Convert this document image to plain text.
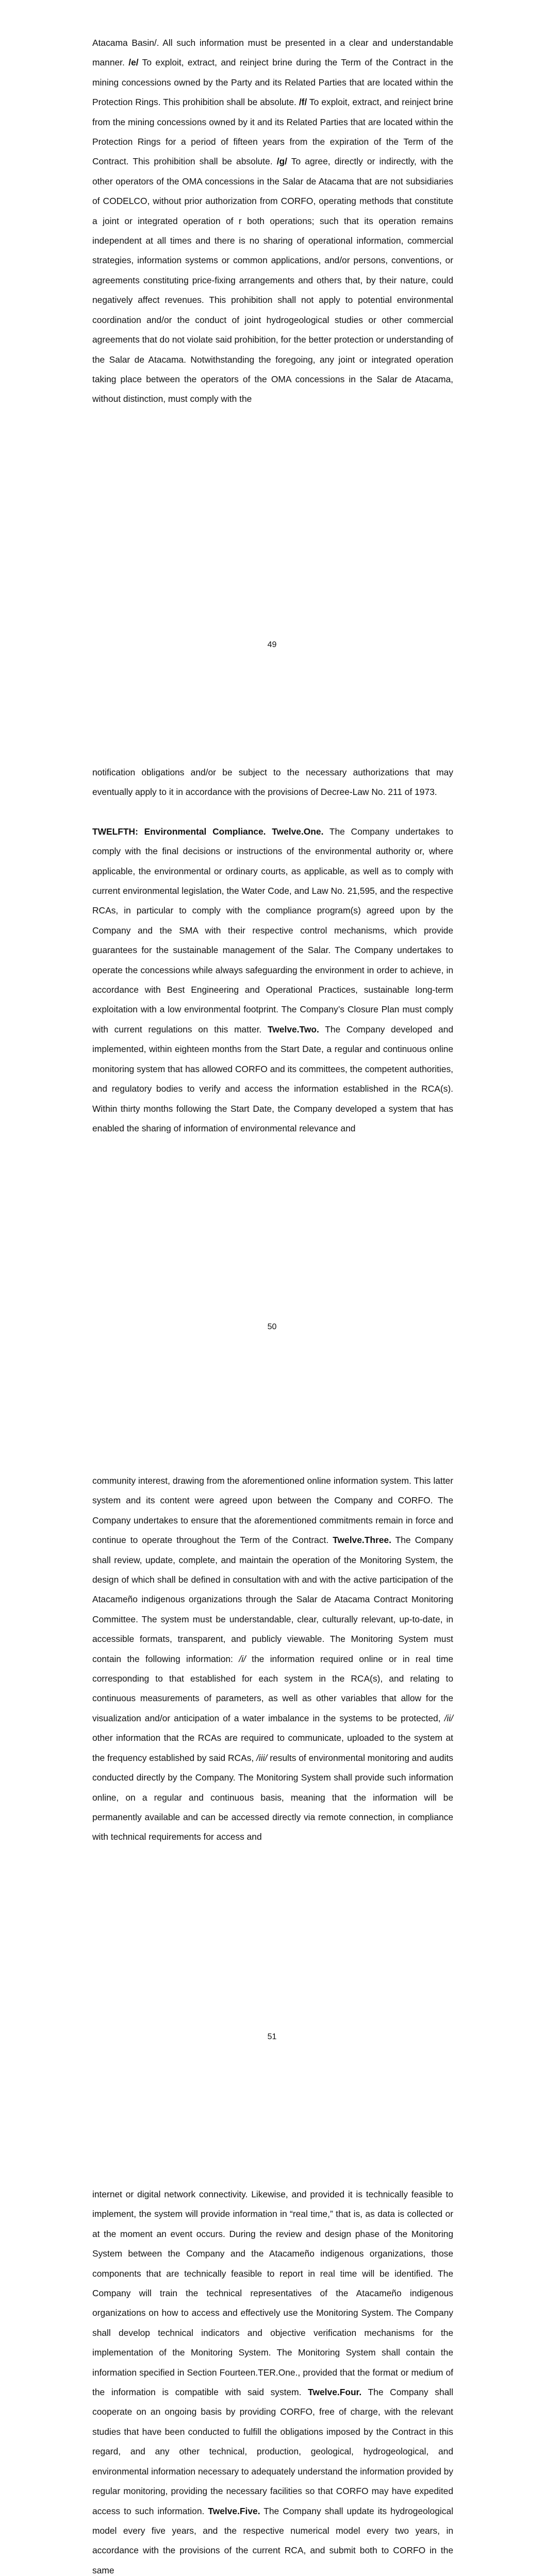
Atacama Basin/. All such information must be presented in a clear and understandable manner. /e/ To exploit, extract, and reinject brine during the Term of the Contract in the mining concessions owned by the Party and its Related Parties that are located within the Protection Rings. This prohibition shall be absolute. /f/ To exploit, extract, and reinject brine from the mining concessions owned by it and its Related Parties that are located within the Protection Rings for a period of fifteen years from the expiration of the Term of the Contract. This prohibition shall be absolute. /g/ To agree, directly or indirectly, with the other operators of the OMA concessions in the Salar de Atacama that are not subsidiaries of CODELCO, without prior authorization from CORFO, operating methods that constitute a joint or integrated operation of r both operations; such that its operation remains independent at all times and there is no sharing of operational information, commercial strategies, information systems or common applications, and/or persons, conventions, or agreements constituting price-fixing arrangements and others that, by their nature, could negatively affect revenues. This prohibition shall not apply to potential environmental coordination and/or the conduct of joint hydrogeological studies or other commercial agreements that do not violate said prohibition, for the better protection or understanding of the Salar de Atacama. Notwithstanding the foregoing, any joint or integrated operation taking place between the operators of the OMA concessions in the Salar de Atacama, without distinction, must comply with the

49

notification obligations and/or be subject to the necessary authorizations that may eventually apply to it in accordance with the provisions of Decree-Law No. 211 of 1973.

TWELFTH: Environmental Compliance. Twelve.One. The Company undertakes to comply with the final decisions or instructions of the environmental authority or, where applicable, the environmental or ordinary courts, as applicable, as well as to comply with current environmental legislation, the Water Code, and Law No. 21,595, and the respective RCAs, in particular to comply with the compliance program(s) agreed upon by the Company and the SMA with their respective control mechanisms, which provide guarantees for the sustainable management of the Salar. The Company undertakes to operate the concessions while always safeguarding the environment in order to achieve, in accordance with Best Engineering and Operational Practices, sustainable long-term exploitation with a low environmental footprint. The Company’s Closure Plan must comply with current regulations on this matter. Twelve.Two. The Company developed and implemented, within eighteen months from the Start Date, a regular and continuous online monitoring system that has allowed CORFO and its committees, the competent authorities, and regulatory bodies to verify and access the information established in the RCA(s). Within thirty months following the Start Date, the Company developed a system that has enabled the sharing of information of environmental relevance and

50

community interest, drawing from the aforementioned online information system. This latter system and its content were agreed upon between the Company and CORFO. The Company undertakes to ensure that the aforementioned commitments remain in force and continue to operate throughout the Term of the Contract. Twelve.Three. The Company shall review, update, complete, and maintain the operation of the Monitoring System, the design of which shall be defined in consultation with and with the active participation of the Atacameño indigenous organizations through the Salar de Atacama Contract Monitoring Committee. The system must be understandable, clear, culturally relevant, up-to-date, in accessible formats, transparent, and publicly viewable. The Monitoring System must contain the following information: /i/ the information required online or in real time corresponding to that established for each system in the RCA(s), and relating to continuous measurements of parameters, as well as other variables that allow for the visualization and/or anticipation of a water imbalance in the systems to be protected, /ii/ other information that the RCAs are required to communicate, uploaded to the system at the frequency established by said RCAs, /iii/ results of environmental monitoring and audits conducted directly by the Company. The Monitoring System shall provide such information online, on a regular and continuous basis, meaning that the information will be permanently available and can be accessed directly via remote connection, in compliance with technical requirements for access and

51

internet or digital network connectivity. Likewise, and provided it is technically feasible to implement, the system will provide information in “real time,” that is, as data is collected or at the moment an event occurs. During the review and design phase of the Monitoring System between the Company and the Atacameño indigenous organizations, those components that are technically feasible to report in real time will be identified. The Company will train the technical representatives of the Atacameño indigenous organizations on how to access and effectively use the Monitoring System. The Company shall develop technical indicators and objective verification mechanisms for the implementation of the Monitoring System. The Monitoring System shall contain the information specified in Section Fourteen.TER.One., provided that the format or medium of the information is compatible with said system. Twelve.Four. The Company shall cooperate on an ongoing basis by providing CORFO, free of charge, with the relevant studies that have been conducted to fulfill the obligations imposed by the Contract in this regard, and any other technical, production, geological, hydrogeological, and environmental information necessary to adequately understand the information provided by regular monitoring, providing the necessary facilities so that CORFO may have expedited access to such information. Twelve.Five. The Company shall update its hydrogeological model every five years, and the respective numerical model every two years, in accordance with the provisions of the current RCA, and submit both to CORFO in the same
